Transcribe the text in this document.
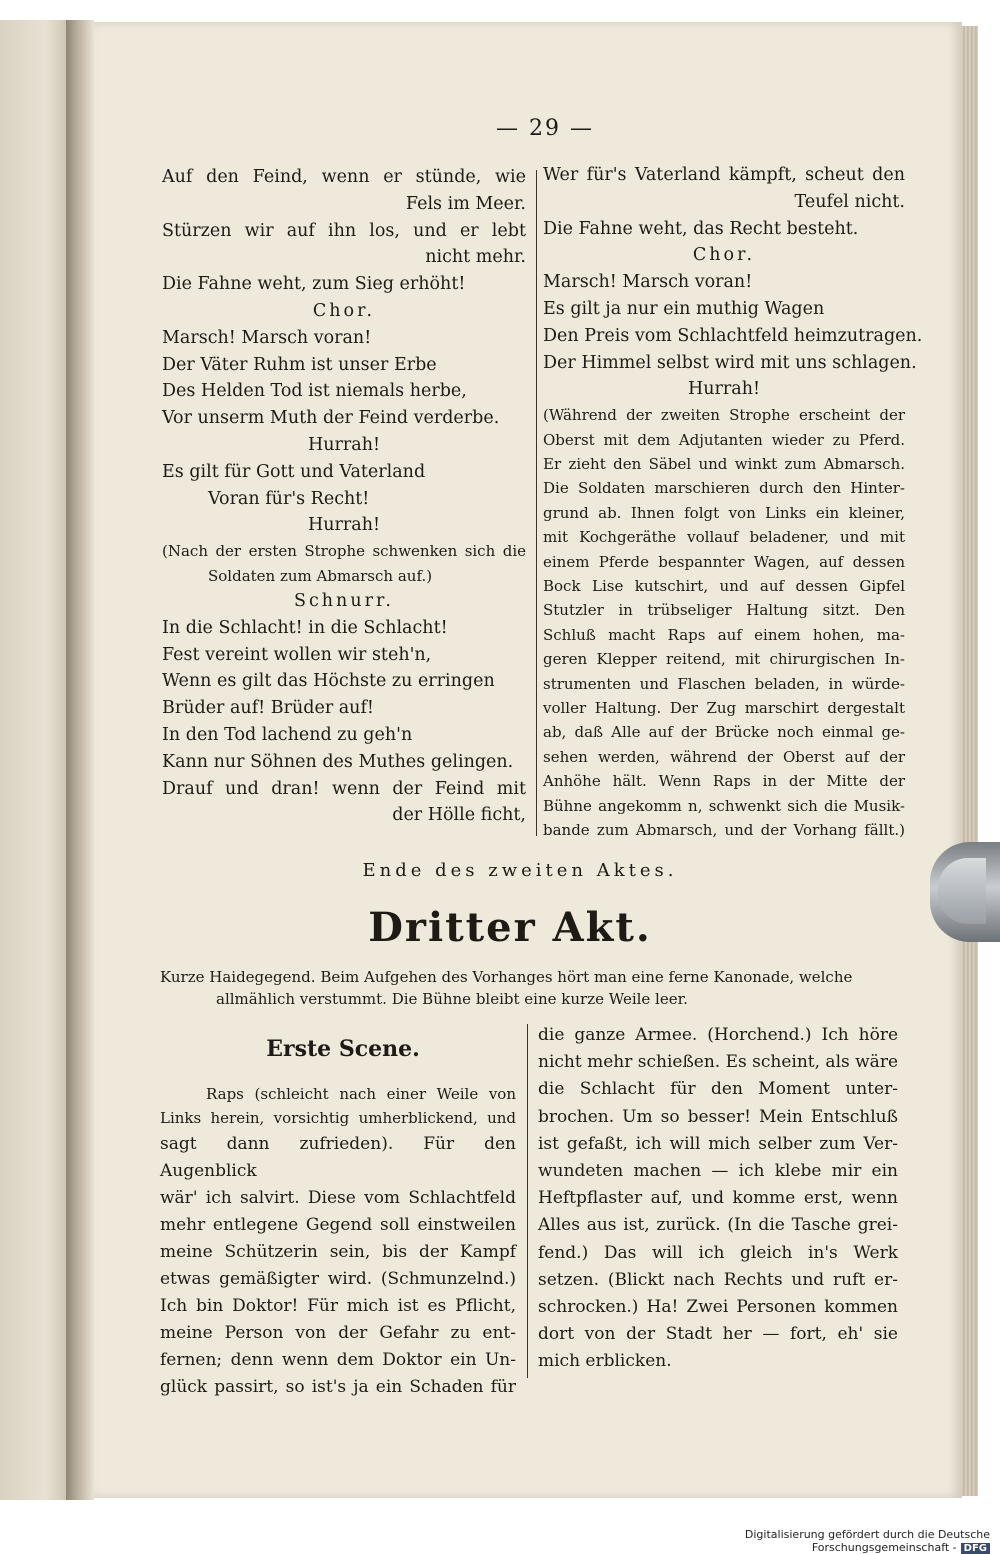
— 29 —
Auf den Feind, wenn er stünde, wie
Fels im Meer.
Stürzen wir auf ihn los, und er lebt
nicht mehr.
Die Fahne weht, zum Sieg erhöht!
Chor.
Marsch! Marsch voran!
Der Väter Ruhm ist unser Erbe
Des Helden Tod ist niemals herbe,
Vor unserm Muth der Feind verderbe.
Hurrah!
Es gilt für Gott und Vaterland
Voran für's Recht!
Hurrah!
(Nach der ersten Strophe schwenken sich die
Soldaten zum Abmarsch auf.)
Schnurr.
In die Schlacht! in die Schlacht!
Fest vereint wollen wir steh'n,
Wenn es gilt das Höchste zu erringen
Brüder auf! Brüder auf!
In den Tod lachend zu geh'n
Kann nur Söhnen des Muthes gelingen.
Drauf und dran! wenn der Feind mit
der Hölle ficht,
Wer für's Vaterland kämpft, scheut den
Teufel nicht.
Die Fahne weht, das Recht besteht.
Chor.
Marsch! Marsch voran!
Es gilt ja nur ein muthig Wagen
Den Preis vom Schlachtfeld heimzutragen.
Der Himmel selbst wird mit uns schlagen.
Hurrah!
(Während der zweiten Strophe erscheint der
Oberst mit dem Adjutanten wieder zu Pferd.
Er zieht den Säbel und winkt zum Abmarsch.
Die Soldaten marschieren durch den Hinter-
grund ab. Ihnen folgt von Links ein kleiner,
mit Kochgeräthe vollauf beladener, und mit
einem Pferde bespannter Wagen, auf dessen
Bock Lise kutschirt, und auf dessen Gipfel
Stutzler in trübseliger Haltung sitzt. Den
Schluß macht Raps auf einem hohen, ma-
geren Klepper reitend, mit chirurgischen In-
strumenten und Flaschen beladen, in würde-
voller Haltung. Der Zug marschirt dergestalt
ab, daß Alle auf der Brücke noch einmal ge-
sehen werden, während der Oberst auf der
Anhöhe hält. Wenn Raps in der Mitte der
Bühne angekomm n, schwenkt sich die Musik-
bande zum Abmarsch, und der Vorhang fällt.)
Ende des zweiten Aktes.
Dritter Akt.
Kurze Haidegegend. Beim Aufgehen des Vorhanges hört man eine ferne Kanonade, welche
allmählich verstummt. Die Bühne bleibt eine kurze Weile leer.
Erste Scene.
Raps (schleicht nach einer Weile von
Links herein, vorsichtig umherblickend, und
sagt dann zufrieden). Für den Augenblick
wär' ich salvirt. Diese vom Schlachtfeld
mehr entlegene Gegend soll einstweilen
meine Schützerin sein, bis der Kampf
etwas gemäßigter wird. (Schmunzelnd.)
Ich bin Doktor! Für mich ist es Pflicht,
meine Person von der Gefahr zu ent-
fernen; denn wenn dem Doktor ein Un-
glück passirt, so ist's ja ein Schaden für
die ganze Armee. (Horchend.) Ich höre
nicht mehr schießen. Es scheint, als wäre
die Schlacht für den Moment unter-
brochen. Um so besser! Mein Entschluß
ist gefaßt, ich will mich selber zum Ver-
wundeten machen — ich klebe mir ein
Heftpflaster auf, und komme erst, wenn
Alles aus ist, zurück. (In die Tasche grei-
fend.) Das will ich gleich in's Werk
setzen. (Blickt nach Rechts und ruft er-
schrocken.) Ha! Zwei Personen kommen
dort von der Stadt her — fort, eh' sie
mich erblicken.
Digitalisierung gefördert durch die Deutsche Forschungsgemeinschaft - DFG
